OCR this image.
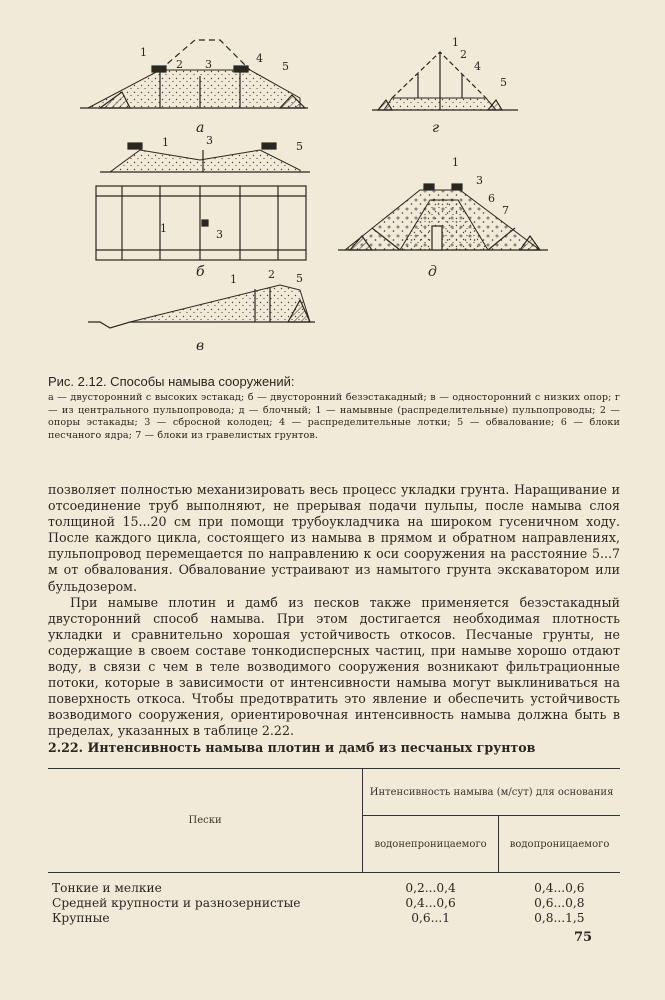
1
2 3	4
5
а
1	3	5
1	3
б 1	2 5
в
1
2
4
5
г
1
3
6
7
д

Рис. 2.12. Способы намыва сооружений:

а — двусторонний с высоких эстакад; б — двусторонний безэстакадный; в — односторонний с низких опор; г — из центрального пульпопровода; д — блочный; 1 — намывные (распределительные) пульпопроводы; 2 — опоры эстакады; 3 — сбросной колодец; 4 — распределительные лотки; 5 — обвалование; 6 — блоки песчаного ядра; 7 — блоки из гравелистых грунтов.

позволяет полностью механизировать весь процесс укладки грунта. Наращивание и отсоединение труб выполняют, не прерывая подачи пульпы, после намыва слоя толщиной 15...20 см при помощи трубоукладчика на широком гусеничном ходу. После каждого цикла, состоящего из намыва в прямом и обратном направлениях, пульпопровод перемещается по направлению к оси сооружения на расстояние 5...7 м от обвалования. Обвалование устраивают из намытого грунта экскаватором или бульдозером.

При намыве плотин и дамб из песков также применяется безэстакадный двусторонний способ намыва. При этом достигается необходимая плотность укладки и сравнительно хорошая устойчивость откосов. Песчаные грунты, не содержащие в своем составе тонкодисперсных частиц, при намыве хорошо отдают воду, в связи с чем в теле возводимого сооружения возникают фильтрационные потоки, которые в зависимости от интенсивности намыва могут выклиниваться на поверхность откоса. Чтобы предотвратить это явление и обеспечить устойчивость возводимого сооружения, ориентировочная интенсивность намыва должна быть в пределах, указанных в таблице 2.22.

2.22. Интенсивность намыва плотин и дамб из песчаных грунтов

Пески	Интенсивность намыва (м/сут) для основания	
	водонепроницаемого	водопроницаемого

Тонкие и мелкие	0,2...0,4	0,4...0,6
Средней крупности и разнозернистые	0,4...0,6	0,6...0,8
Крупные	0,6...1	0,8...1,5
75
